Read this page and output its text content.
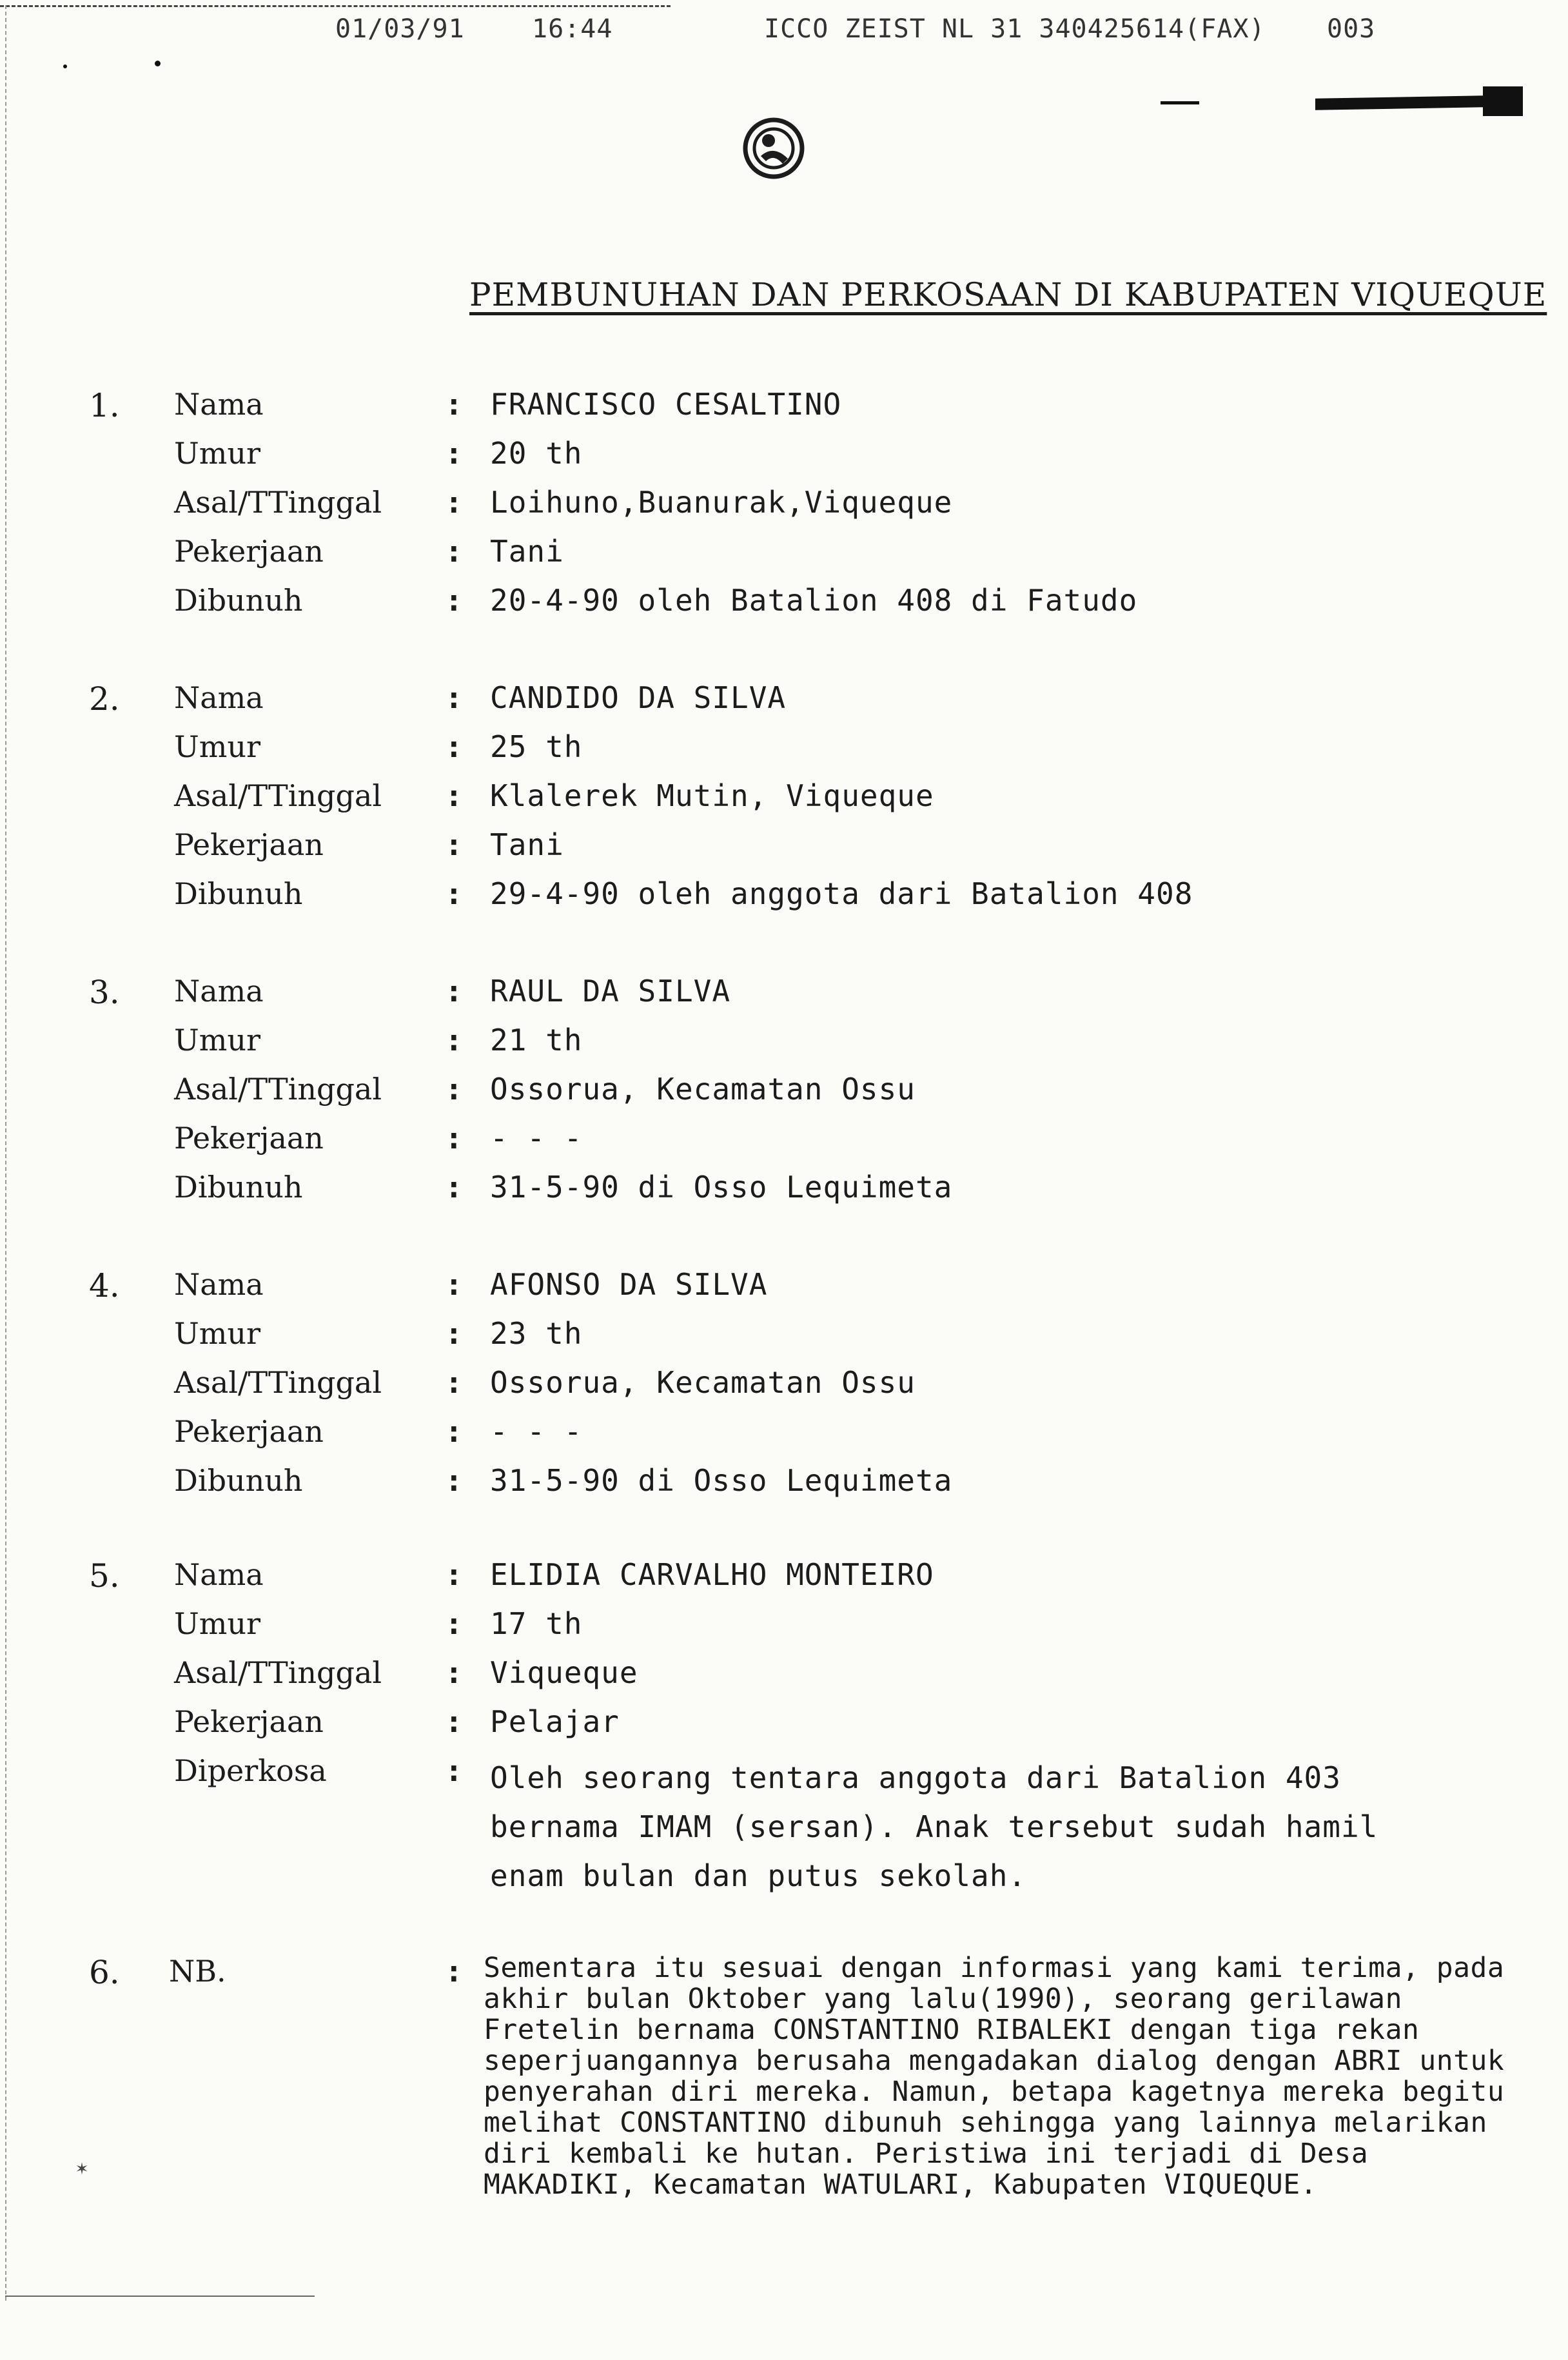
01/03/91	16:44	ICCO ZEIST NL 31 340425614(FAX) 003
PEMBUNUHAN DAN PERKOSAAN DI KABUPATEN VIQUEQUE
1. Nama	: FRANCISCO CESALTINO
Umur	: 20 th
Asal/TTinggal : Loihuno,Buanurak,Viqueque
Pekerjaan	: Tani
Dibunuh	: 20-4-90 oleh Batalion 408 di Fatudo
2. Nama	: CANDIDO DA SILVA
Umur	: 25 th
Asal/TTinggal : Klalerek Mutin, Viqueque
Pekerjaan	: Tani
Dibunuh	: 29-4-90 oleh anggota dari Batalion 408
3. Nama	: RAUL DA SILVA
Umur	: 21 th
Asal/TTinggal : Ossorua, Kecamatan Ossu
Pekerjaan	: - - -
Dibunuh	: 31-5-90 di Osso Lequimeta
4. Nama	: AFONSO DA SILVA
Umur	: 23 th
Asal/TTinggal : Ossorua, Kecamatan Ossu
Pekerjaan	: - - -
Dibunuh	: 31-5-90 di Osso Lequimeta
5. Nama	: ELIDIA CARVALHO MONTEIRO
Umur	: 17 th
Asal/TTinggal : Viqueque
Pekerjaan	: Pelajar
Diperkosa	: Oleh seorang tentara anggota dari Batalion 403 bernama IMAM (sersan). Anak tersebut sudah hamil enam bulan dan putus sekolah.
6. NB.	: Sementara itu sesuai dengan informasi yang kami terima, pada akhir bulan Oktober yang lalu(1990), seorang gerilawan Fretelin bernama CONSTANTINO RIBALEKI dengan tiga rekan seperjuangannya berusaha mengadakan dialog dengan ABRI untuk penyerahan diri mereka. Namun, betapa kagetnya mereka begitu melihat CONSTANTINO dibunuh sehingga yang lainnya melarikan diri kembali ke hutan. Peristiwa ini terjadi di Desa MAKADIKI, Kecamatan WATULARI, Kabupaten VIQUEQUE.
✶
